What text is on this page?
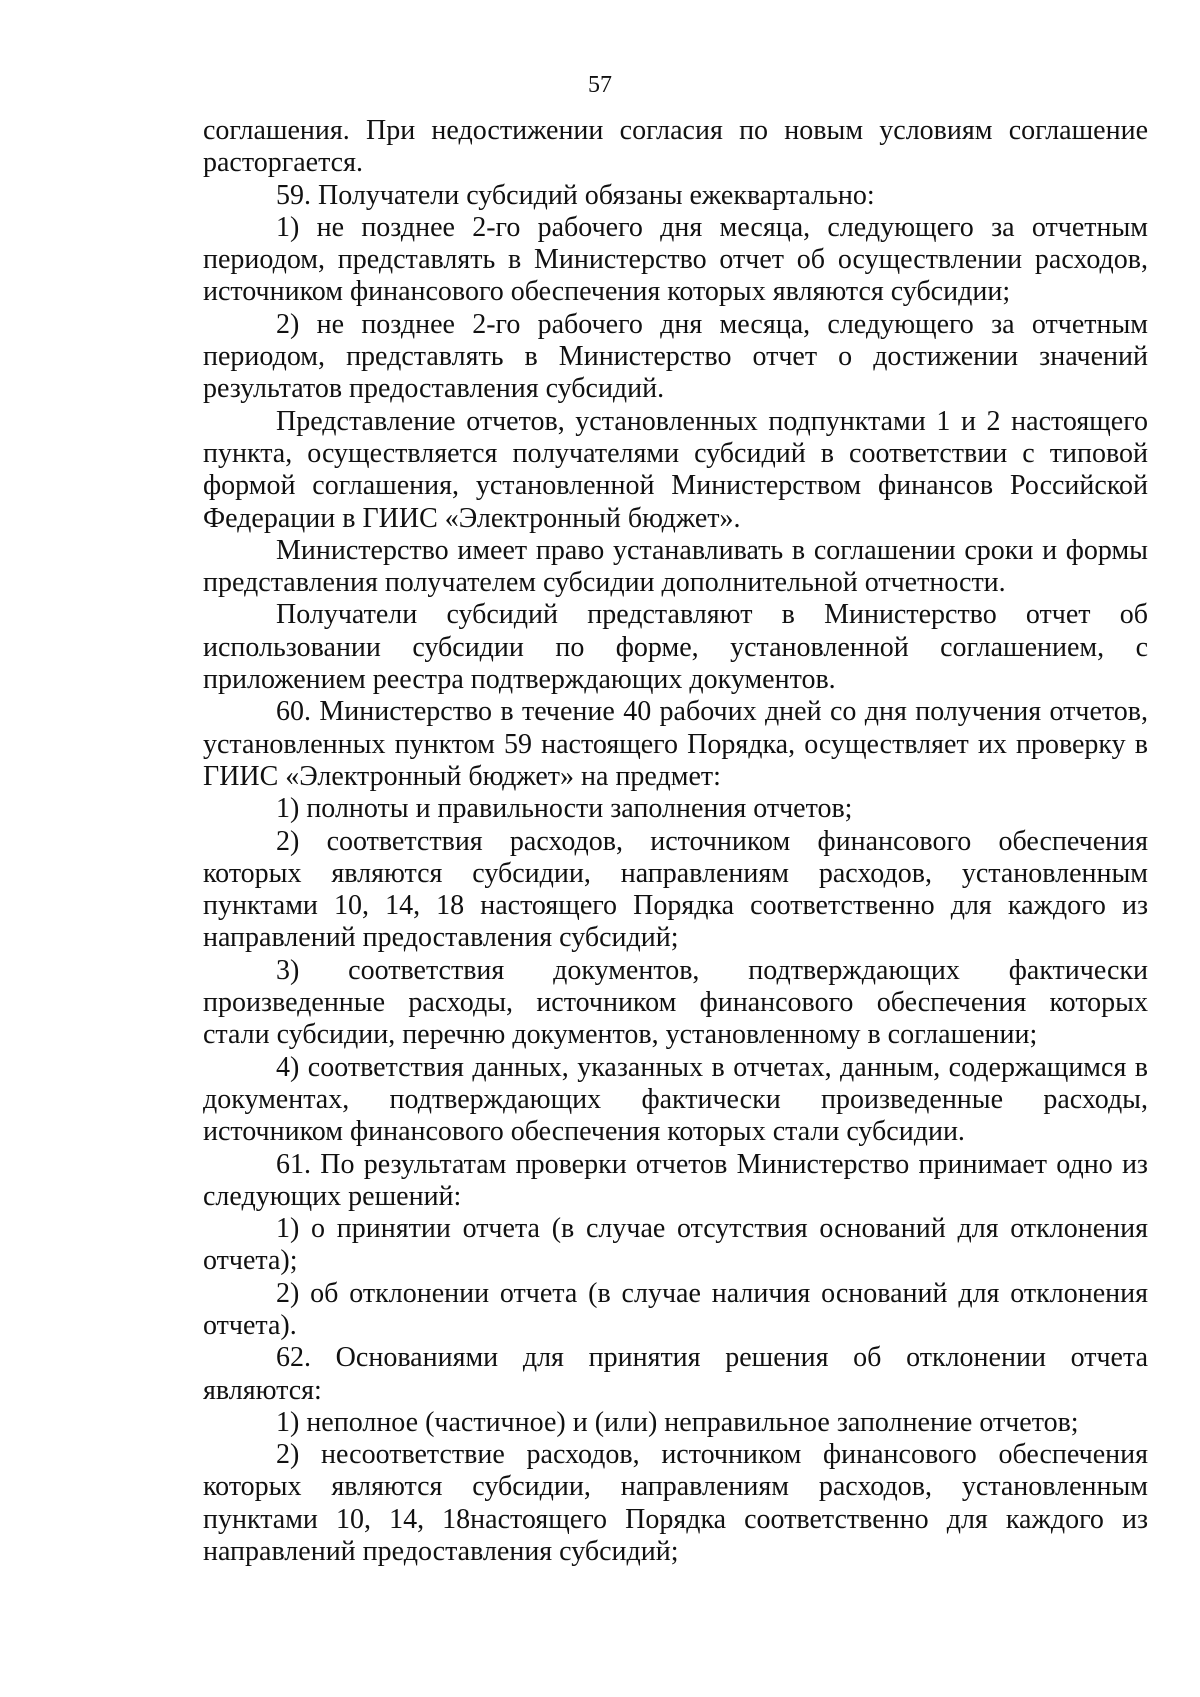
57
соглашения. При недостижении согласия по новым условиям соглашение
расторгается.
59. Получатели субсидий обязаны ежеквартально:
1) не позднее 2-го рабочего дня месяца, следующего за отчетным
периодом, представлять в Министерство отчет об осуществлении расходов,
источником финансового обеспечения которых являются субсидии;
2) не позднее 2-го рабочего дня месяца, следующего за отчетным
периодом, представлять в Министерство отчет о достижении значений
результатов предоставления субсидий.
Представление отчетов, установленных подпунктами 1 и 2 настоящего
пункта, осуществляется получателями субсидий в соответствии с типовой
формой соглашения, установленной Министерством финансов Российской
Федерации в ГИИС «Электронный бюджет».
Министерство имеет право устанавливать в соглашении сроки и формы
представления получателем субсидии дополнительной отчетности.
Получатели субсидий представляют в Министерство отчет об
использовании субсидии по форме, установленной соглашением, с
приложением реестра подтверждающих документов.
60. Министерство в течение 40 рабочих дней со дня получения отчетов,
установленных пунктом 59 настоящего Порядка, осуществляет их проверку в
ГИИС «Электронный бюджет» на предмет:
1) полноты и правильности заполнения отчетов;
2) соответствия расходов, источником финансового обеспечения
которых являются субсидии, направлениям расходов, установленным
пунктами 10, 14, 18 настоящего Порядка соответственно для каждого из
направлений предоставления субсидий;
3) соответствия документов, подтверждающих фактически
произведенные расходы, источником финансового обеспечения которых
стали субсидии, перечню документов, установленному в соглашении;
4) соответствия данных, указанных в отчетах, данным, содержащимся в
документах, подтверждающих фактически произведенные расходы,
источником финансового обеспечения которых стали субсидии.
61. По результатам проверки отчетов Министерство принимает одно из
следующих решений:
1) о принятии отчета (в случае отсутствия оснований для отклонения
отчета);
2) об отклонении отчета (в случае наличия оснований для отклонения
отчета).
62. Основаниями для принятия решения об отклонении отчета
являются:
1) неполное (частичное) и (или) неправильное заполнение отчетов;
2) несоответствие расходов, источником финансового обеспечения
которых являются субсидии, направлениям расходов, установленным
пунктами 10, 14, 18настоящего Порядка соответственно для каждого из
направлений предоставления субсидий;
